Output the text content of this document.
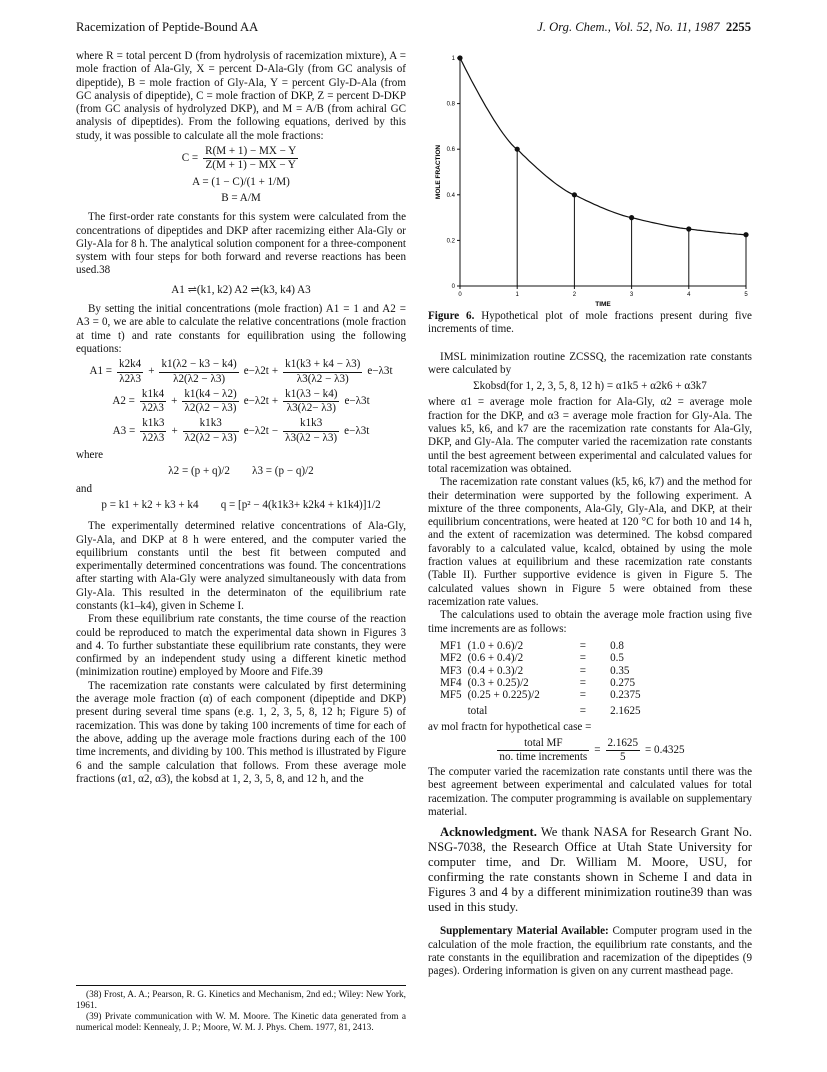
Racemization of Peptide-Bound AA	J. Org. Chem., Vol. 52, No. 11, 1987 2255

where R = total percent D (from hydrolysis of racemization mixture), A = mole fraction of Ala-Gly, X = percent D-Ala-Gly (from GC analysis of dipeptide), B = mole fraction of Gly-Ala, Y = percent Gly-D-Ala (from GC analysis of dipeptide), C = mole fraction of DKP, Z = percent D-DKP (from GC analysis of hydrolyzed DKP), and M = A/B (from achiral GC analysis of dipeptides). From the following equations, derived by this study, it was possible to calculate all the mole fractions:

$C = \frac{R(M + 1) - MX - Y}{Z(M + 1) - MX - Y}$
A = (1 − C)/(1 + 1/M)
B = A/M

The first-order rate constants for this system were calculated from the concentrations of dipeptides and DKP after racemizing either Ala-Gly or Gly-Ala for 8 h. The analytical solution component for a three-component system with four steps for both forward and reverse reactions has been used.38

A1 ⇌(k1, k2) A2 ⇌(k3, k4) A3

By setting the initial concentrations (mole fraction) A1 = 1 and A2 = A3 = 0, we are able to calculate the relative concentrations (mole fraction at time t) and rate constants for equilibration using the following equations:

$A1 = \frac{k2k4}{\lambda 2\lambda 3} + \frac{k1(\lambda 2 - k3 - k4)}{\lambda 2(\lambda 2 - \lambda 3)} e-\lambda 2t + \frac{k1(k3 + k4 - \lambda 3)}{\lambda 3(\lambda 2 - \lambda 3)} e-\lambda 3t$
$A2 = \frac{k1k4}{\lambda 2\lambda 3} + \frac{k1(k4 - \lambda 2)}{\lambda 2(\lambda 2 - \lambda 3)} e-\lambda 2t + \frac{k1(\lambda 3 - k4)}{\lambda 3(\lambda 2- \lambda 3)} e-\lambda 3t$
$A3 = \frac{k1k3}{\lambda 2\lambda 3} + \frac{k1k3}{\lambda 2(\lambda 2 - \lambda 3)} e-\lambda 2t - \frac{k1k3}{\lambda 3(\lambda 2 - \lambda 3)} e-\lambda 3t$

where

λ2 = (p + q)/2        λ3 = (p − q)/2

and

p = k1 + k2 + k3 + k4        q = [p² − 4(k1k3+ k2k4 + k1k4)]1/2

The experimentally determined relative concentrations of Ala-Gly, Gly-Ala, and DKP at 8 h were entered, and the computer varied the equilibrium constants until the best fit between computed and experimentally determined concentrations was found. The concentrations after starting with Ala-Gly were analyzed simultaneously with data from Gly-Ala. This resulted in the determinaton of the equilibrium rate constants (k1–k4), given in Scheme I.

From these equilibrium rate constants, the time course of the reaction could be reproduced to match the experimental data shown in Figures 3 and 4. To further substantiate these equilibrium rate constants, they were confirmed by an independent study using a different kinetic method (minimization routine) employed by Moore and Fife.39

The racemization rate constants were calculated by first determining the average mole fraction (α) of each component (dipeptide and DKP) present during several time spans (e.g. 1, 2, 3, 5, 8, 12 h; Figure 5) of racemization. This was done by taking 100 increments of time for each of the above, adding up the average mole fractions during each of the 100 time increments, and dividing by 100. This method is illustrated by Figure 6 and the sample calculation that follows. From these average mole fractions (α1, α2, α3), the kobsd at 1, 2, 3, 5, 8, and 12 h, and the

(38) Frost, A. A.; Pearson, R. G. Kinetics and Mechanism, 2nd ed.; Wiley: New York, 1961.

(39) Private communication with W. M. Moore. The Kinetic data generated from a numerical model: Kennealy, J. P.; Moore, W. M. J. Phys. Chem. 1977, 81, 2413.

0
0.2
0.4
0.6
0.8
1
0	1	2	3	4	5
MOLE FRACTION
TIME

Figure 6. Hypothetical plot of mole fractions present during five increments of time.

IMSL minimization routine ZCSSQ, the racemization rate constants were calculated by

Σkobsd(for 1, 2, 3, 5, 8, 12 h) = α1k5 + α2k6 + α3k7

where α1 = average mole fraction for Ala-Gly, α2 = average mole fraction for the DKP, and α3 = average mole fraction for Gly-Ala. The values k5, k6, and k7 are the racemization rate constants for Ala-Gly, DKP, and Gly-Ala. The computer varied the racemization rate constants until the best agreement between experimental and calculated values for total racemization was obtained.

The racemization rate constant values (k5, k6, k7) and the method for their determination were supported by the following experiment. A mixture of the three components, Ala-Gly, Gly-Ala, and DKP, at their equilibrium concentrations, were heated at 120 °C for both 10 and 14 h, and the extent of racemization was determined. The kobsd compared favorably to a calculated value, kcalcd, obtained by using the mole fraction values at equilibrium and these racemization rate constants (Table II). Further supportive evidence is given in Figure 5. The calculated values shown in Figure 5 were obtained from these racemization rate values.

The calculations used to obtain the average mole fraction using five time increments are as follows:

MF1	(1.0 + 0.6)/2	=	0.8
MF2	(0.6 + 0.4)/2	=	0.5
MF3	(0.4 + 0.3)/2	=	0.35
MF4	(0.3 + 0.25)/2	=	0.275
MF5	(0.25 + 0.225)/2	=	0.2375
	total	=	2.1625
av mol fractn for hypothetical case =
$\frac{\text{total MF}}{\text{no. time increments}} = \frac{2.1625}{5} = 0.4325$

The computer varied the racemization rate constants until there was the best agreement between experimental and calculated values for total racemization. The computer programming is available on supplementary material.

Acknowledgment. We thank NASA for Research Grant No. NSG-7038, the Research Office at Utah State University for computer time, and Dr. William M. Moore, USU, for confirming the rate constants shown in Scheme I and data in Figures 3 and 4 by a different minimization routine39 than was used in this study.

Supplementary Material Available: Computer program used in the calculation of the mole fraction, the equilibrium rate constants, and the rate constants in the equilibration and racemization of the dipeptides (9 pages). Ordering information is given on any current masthead page.
